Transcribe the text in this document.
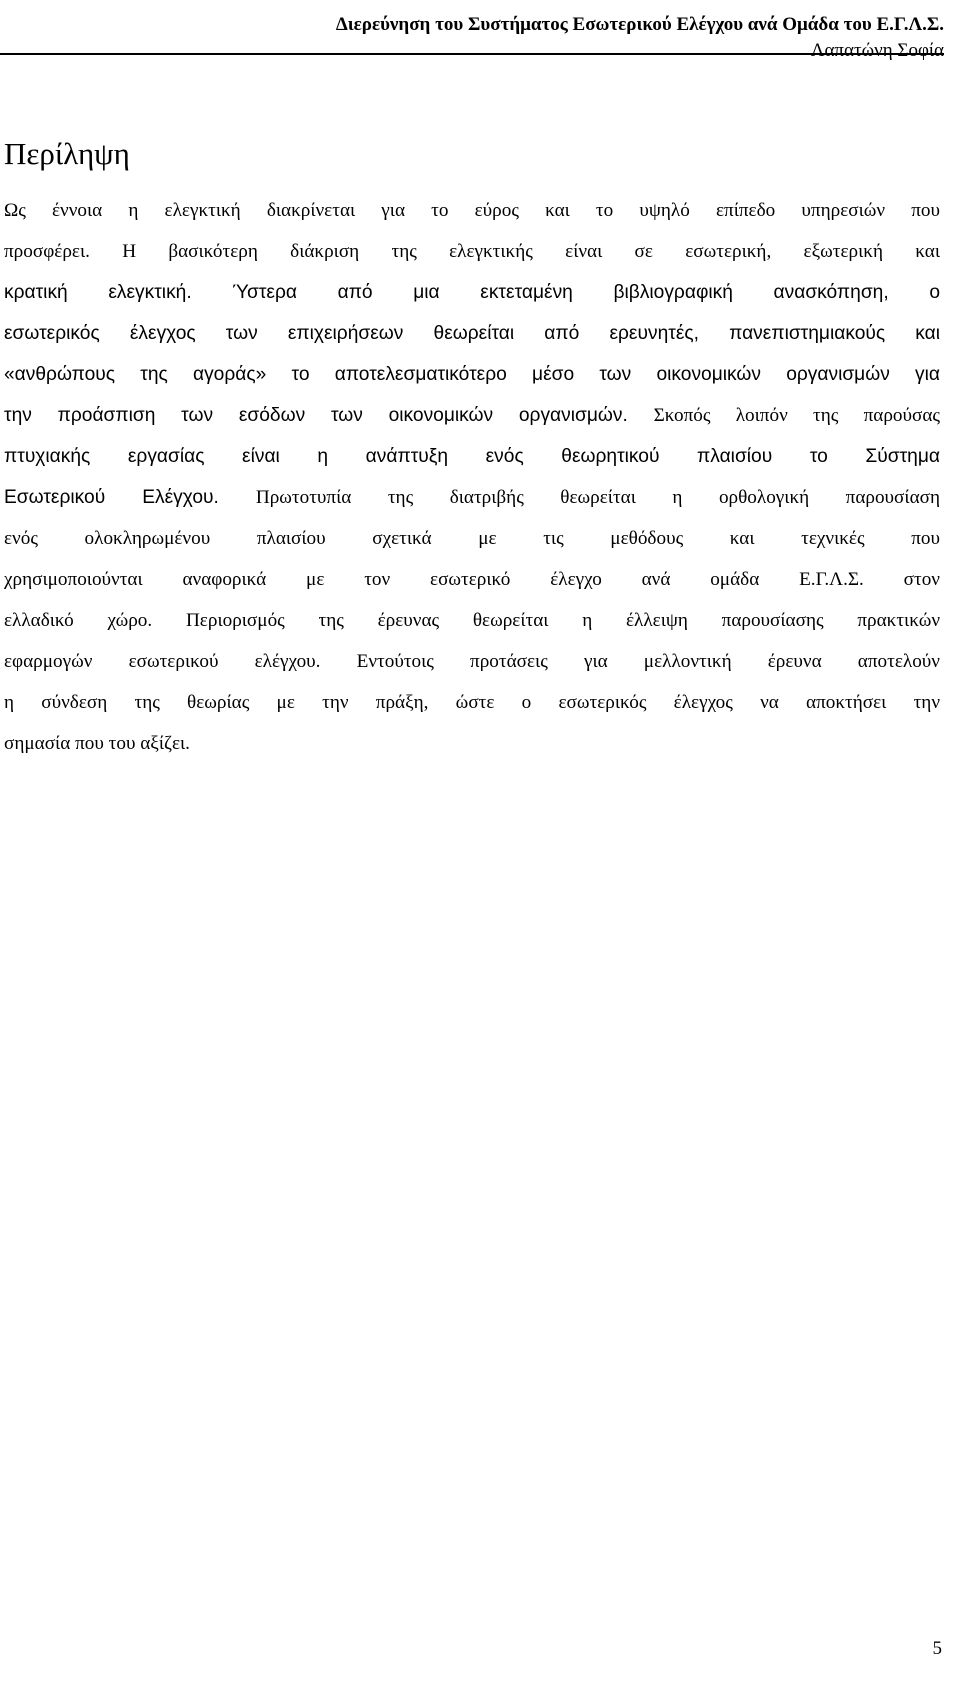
Διερεύνηση του Συστήματος Εσωτερικού Ελέγχου ανά Ομάδα του Ε.Γ.Λ.Σ.
Λαπατώνη Σοφία
Περίληψη
Ως έννοια η ελεγκτική διακρίνεται για το εύρος και το υψηλό επίπεδο υπηρεσιών που
προσφέρει. Η βασικότερη διάκριση της ελεγκτικής είναι σε εσωτερική, εξωτερική και
κρατική ελεγκτική. Ύστερα από μια εκτεταμένη βιβλιογραφική ανασκόπηση, ο
εσωτερικός έλεγχος των επιχειρήσεων θεωρείται από ερευνητές, πανεπιστημιακούς και
«ανθρώπους της αγοράς» το αποτελεσματικότερο μέσο των οικονομικών οργανισμών για
την προάσπιση των εσόδων των οικονομικών οργανισμών. Σκοπός λοιπόν της παρούσας
πτυχιακής εργασίας είναι η ανάπτυξη ενός θεωρητικού πλαισίου το Σύστημα
Εσωτερικού Ελέγχου. Πρωτοτυπία της διατριβής θεωρείται η ορθολογική παρουσίαση
ενός ολοκληρωμένου πλαισίου σχετικά με τις μεθόδους και τεχνικές που
χρησιμοποιούνται αναφορικά με τον εσωτερικό έλεγχο ανά ομάδα Ε.Γ.Λ.Σ. στον
ελλαδικό χώρο. Περιορισμός της έρευνας θεωρείται η έλλειψη παρουσίασης πρακτικών
εφαρμογών εσωτερικού ελέγχου. Εντούτοις προτάσεις για μελλοντική έρευνα αποτελούν
η σύνδεση της θεωρίας με την πράξη, ώστε ο εσωτερικός έλεγχος να αποκτήσει την
σημασία που του αξίζει.
5
